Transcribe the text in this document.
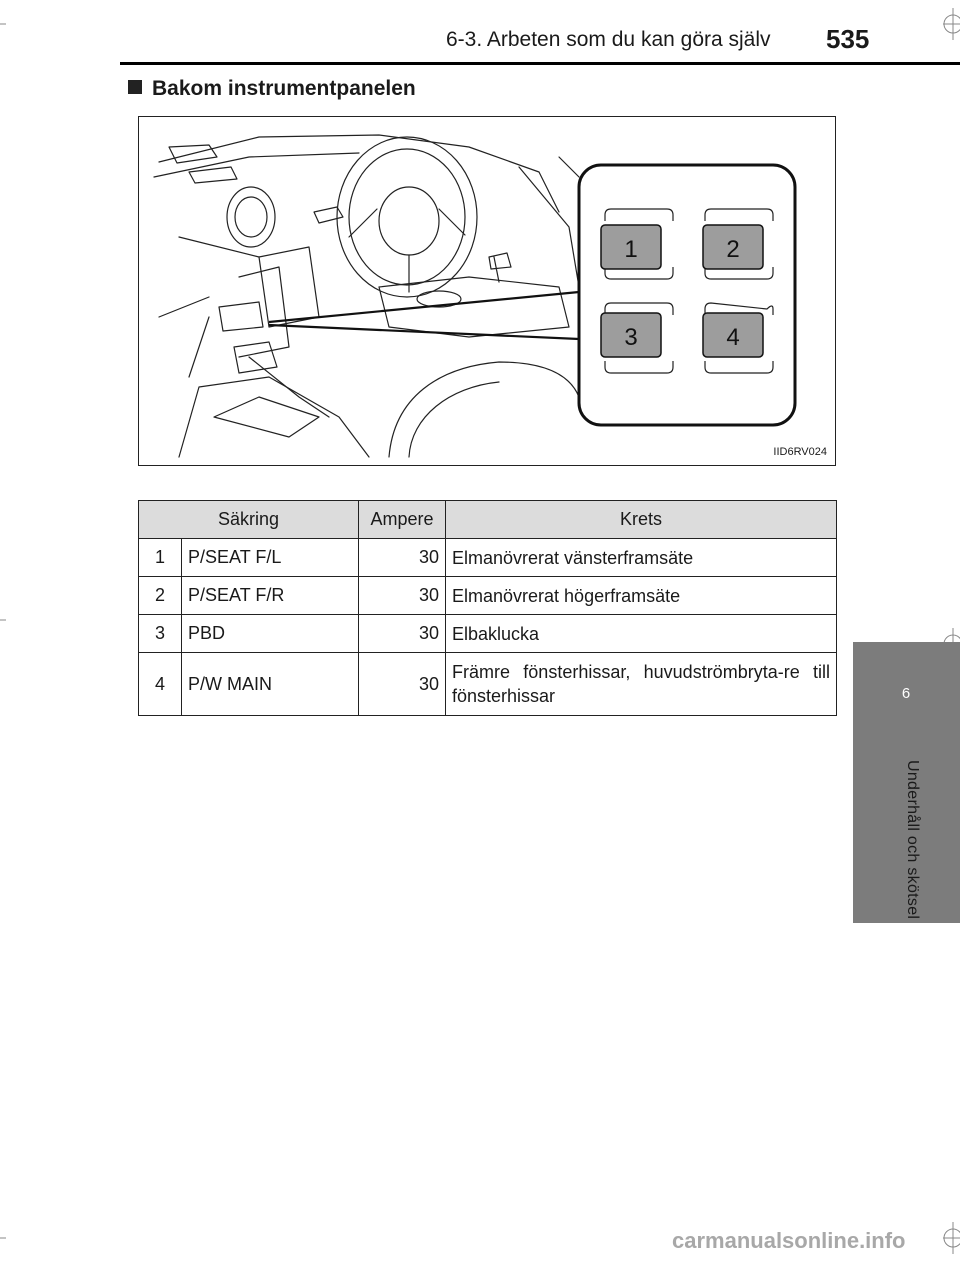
6-3. Arbeten som du kan göra själv 535
Bakom instrumentpanelen
1	2
3	4
IID6RV024
Säkring		Ampere	Krets
1	P/SEAT F/L	30	Elmanövrerat vänsterframsäte
2	P/SEAT F/R	30	Elmanövrerat högerframsäte
3	PBD	30	Elbaklucka
4	P/W MAIN	30	Främre fönsterhissar, huvudströmbryta-re till fönsterhissar	6
Underhåll och skötsel
carmanualsonline.info
